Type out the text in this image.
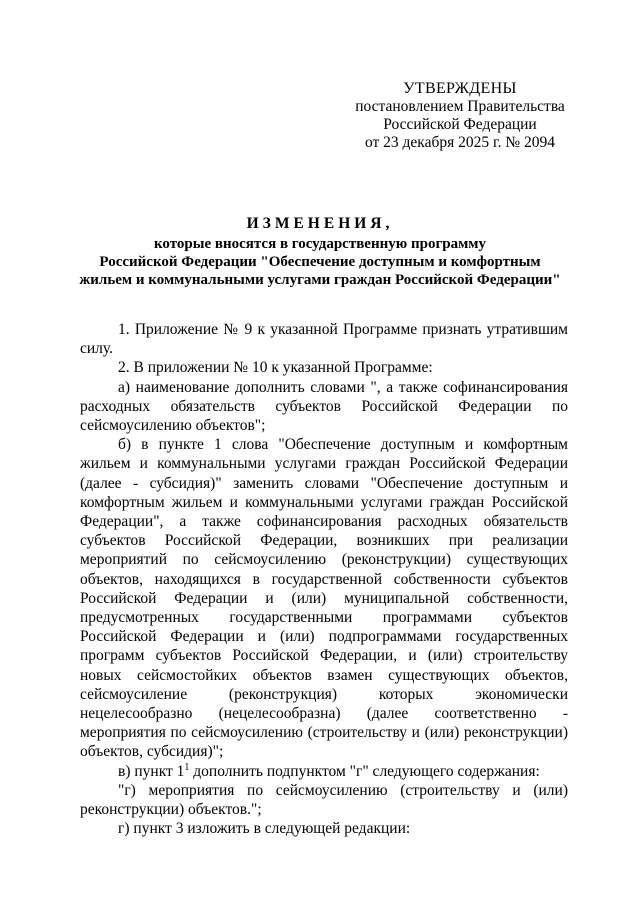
УТВЕРЖДЕНЫ
постановлением Правительства
Российской Федерации
от 23 декабря 2025 г. № 2094
ИЗМЕНЕНИЯ,
которые вносятся в государственную программу
Российской Федерации "Обеспечение доступным и комфортным
жильем и коммунальными услугами граждан Российской Федерации"

1. Приложение № 9 к указанной Программе признать утратившим силу.

2. В приложении № 10 к указанной Программе:

а) наименование дополнить словами ", а также софинансирования расходных обязательств субъектов Российской Федерации по сейсмоусилению объектов";

б) в пункте 1 слова "Обеспечение доступным и комфортным жильем и коммунальными услугами граждан Российской Федерации (далее - субсидия)" заменить словами "Обеспечение доступным и комфортным жильем и коммунальными услугами граждан Российской Федерации", а также софинансирования расходных обязательств субъектов Российской Федерации, возникших при реализации мероприятий по сейсмоусилению (реконструкции) существующих объектов, находящихся в государственной собственности субъектов Российской Федерации и (или) муниципальной собственности, предусмотренных государственными программами субъектов Российской Федерации и (или) подпрограммами государственных программ субъектов Российской Федерации, и (или) строительству новых сейсмостойких объектов взамен существующих объектов, сейсмоусиление (реконструкция) которых экономически нецелесообразно (нецелесообразна) (далее соответственно - мероприятия по сейсмоусилению (строительству и (или) реконструкции) объектов, субсидия)";

в) пункт $1^1$ дополнить подпунктом "г" следующего содержания:

"г) мероприятия по сейсмоусилению (строительству и (или) реконструкции) объектов.";

г) пункт 3 изложить в следующей редакции:
